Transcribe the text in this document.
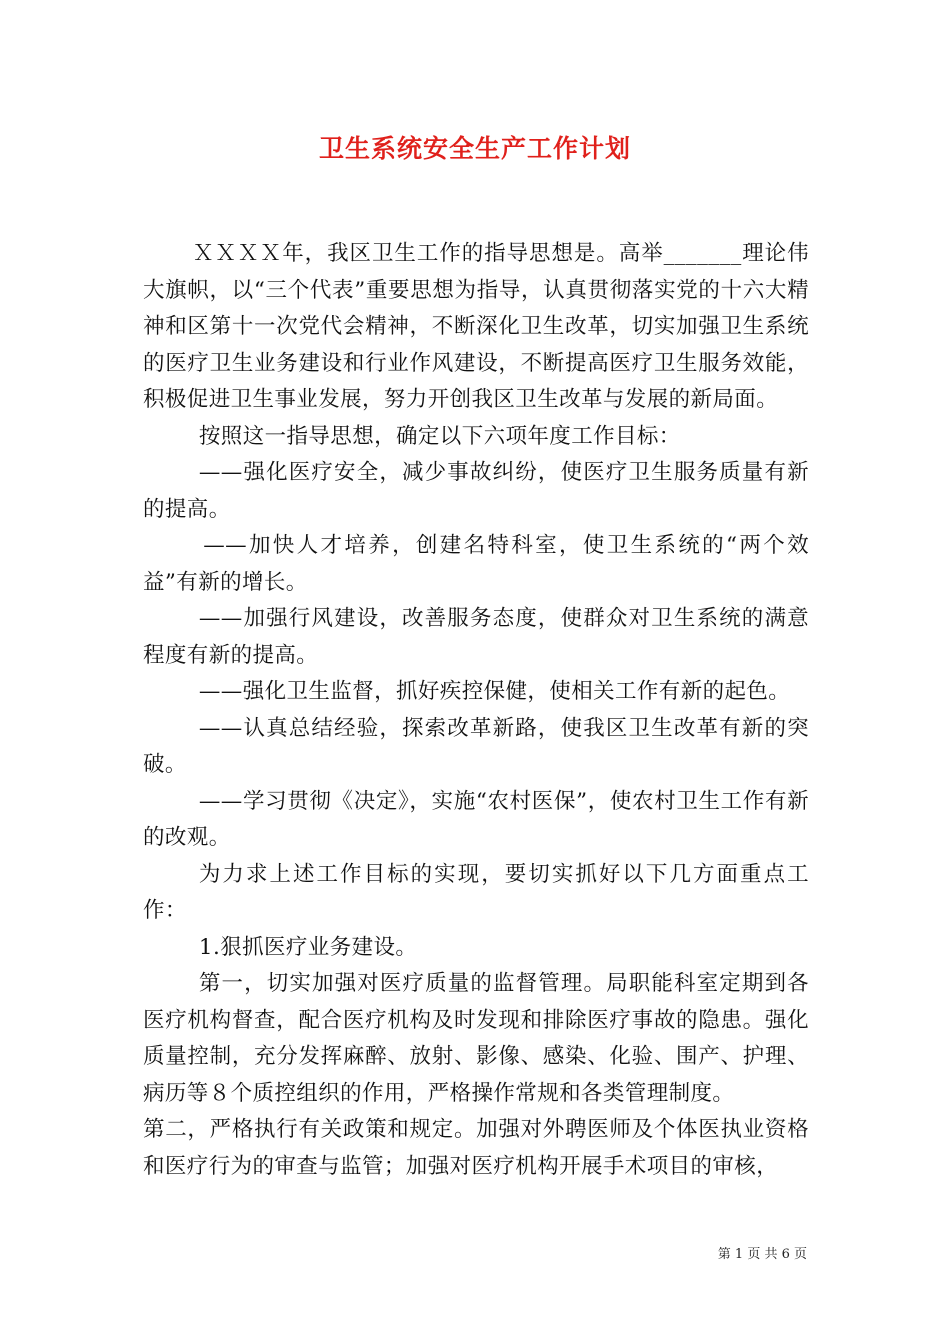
卫生系统安全生产工作计划

ＸＸＸＸ年，我区卫生工作的指导思想是。高举_______理论伟大旗帜，以“三个代表”重要思想为指导，认真贯彻落实党的十六大精神和区第十一次党代会精神，不断深化卫生改革，切实加强卫生系统的医疗卫生业务建设和行业作风建设，不断提高医疗卫生服务效能，积极促进卫生事业发展，努力开创我区卫生改革与发展的新局面。

按照这一指导思想，确定以下六项年度工作目标：

——强化医疗安全，减少事故纠纷，使医疗卫生服务质量有新的提高。

——加快人才培养，创建名特科室，使卫生系统的“两个效益”有新的增长。

——加强行风建设，改善服务态度，使群众对卫生系统的满意程度有新的提高。

——强化卫生监督，抓好疾控保健，使相关工作有新的起色。

——认真总结经验，探索改革新路，使我区卫生改革有新的突破。

——学习贯彻《决定》，实施“农村医保”，使农村卫生工作有新的改观。

为力求上述工作目标的实现，要切实抓好以下几方面重点工作：

1.狠抓医疗业务建设。

第一，切实加强对医疗质量的监督管理。局职能科室定期到各医疗机构督查，配合医疗机构及时发现和排除医疗事故的隐患。强化质量控制，充分发挥麻醉、放射、影像、感染、化验、围产、护理、病历等８个质控组织的作用，严格操作常规和各类管理制度。

第二，严格执行有关政策和规定。加强对外聘医师及个体医执业资格和医疗行为的审查与监管；加强对医疗机构开展手术项目的审核，

第 1 页 共 6 页
